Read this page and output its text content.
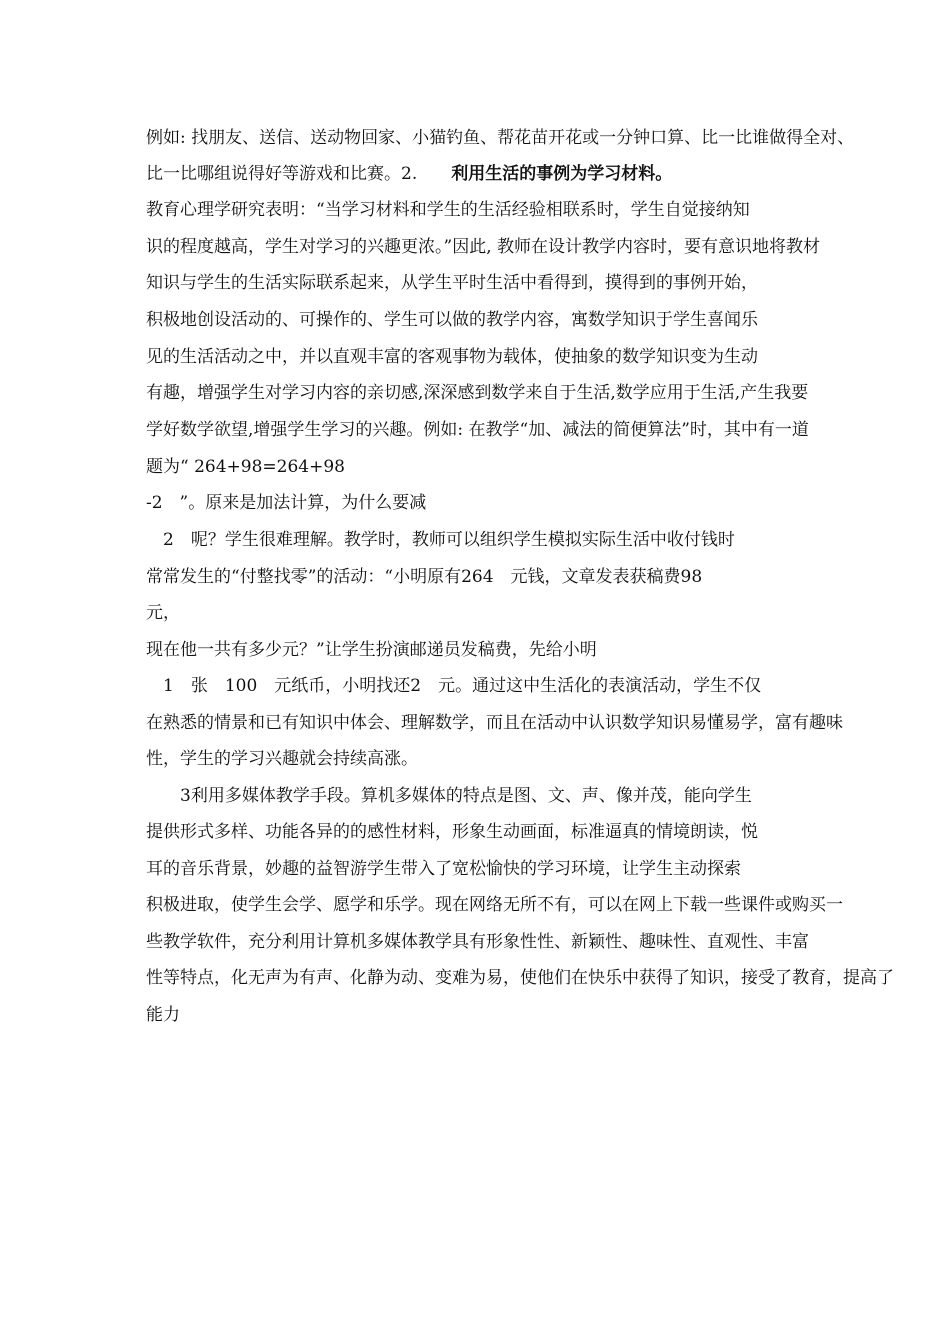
例如: 找朋友、送信、送动物回家、小猫钓鱼、帮花苗开花或一分钟口算、比一比谁做得全对、
比一比哪组说得好等游戏和比赛。2.　　 利用生活的事例为学习材料。
教育心理学研究表明：“当学习材料和学生的生活经验相联系时，学生自觉接纳知
识的程度越高，学生对学习的兴趣更浓。”因此, 教师在设计教学内容时，要有意识地将教材
知识与学生的生活实际联系起来，从学生平时生活中看得到，摸得到的事例开始，
积极地创设活动的、可操作的、学生可以做的教学内容，寓数学知识于学生喜闻乐
见的生活活动之中，并以直观丰富的客观事物为载体，使抽象的数学知识变为生动
有趣，增强学生对学习内容的亲切感,深深感到数学来自于生活,数学应用于生活,产生我要
学好数学欲望,增强学生学习的兴趣。例如: 在教学“加、减法的简便算法”时，其中有一道
题为“ 264+98=264+98
-2　”。原来是加法计算，为什么要减
　2　呢？学生很难理解。教学时，教师可以组织学生模拟实际生活中收付钱时
常常发生的“付整找零”的活动：“小明原有264　元钱，文章发表获稿费98
元，
现在他一共有多少元？”让学生扮演邮递员发稿费，先给小明
　1　张　100　元纸币，小明找还2　元。通过这中生活化的表演活动，学生不仅
在熟悉的情景和已有知识中体会、理解数学，而且在活动中认识数学知识易懂易学，富有趣味
性，学生的学习兴趣就会持续高涨。
　　3利用多媒体教学手段。算机多媒体的特点是图、文、声、像并茂，能向学生
提供形式多样、功能各异的的感性材料，形象生动画面，标准逼真的情境朗读，悦
耳的音乐背景，妙趣的益智游学生带入了宽松愉快的学习环境，让学生主动探索
积极进取，使学生会学、愿学和乐学。现在网络无所不有，可以在网上下载一些课件或购买一
些教学软件，充分利用计算机多媒体教学具有形象性性、新颖性、趣味性、直观性、丰富
性等特点，化无声为有声、化静为动、变难为易，使他们在快乐中获得了知识，接受了教育，提高了
能力
